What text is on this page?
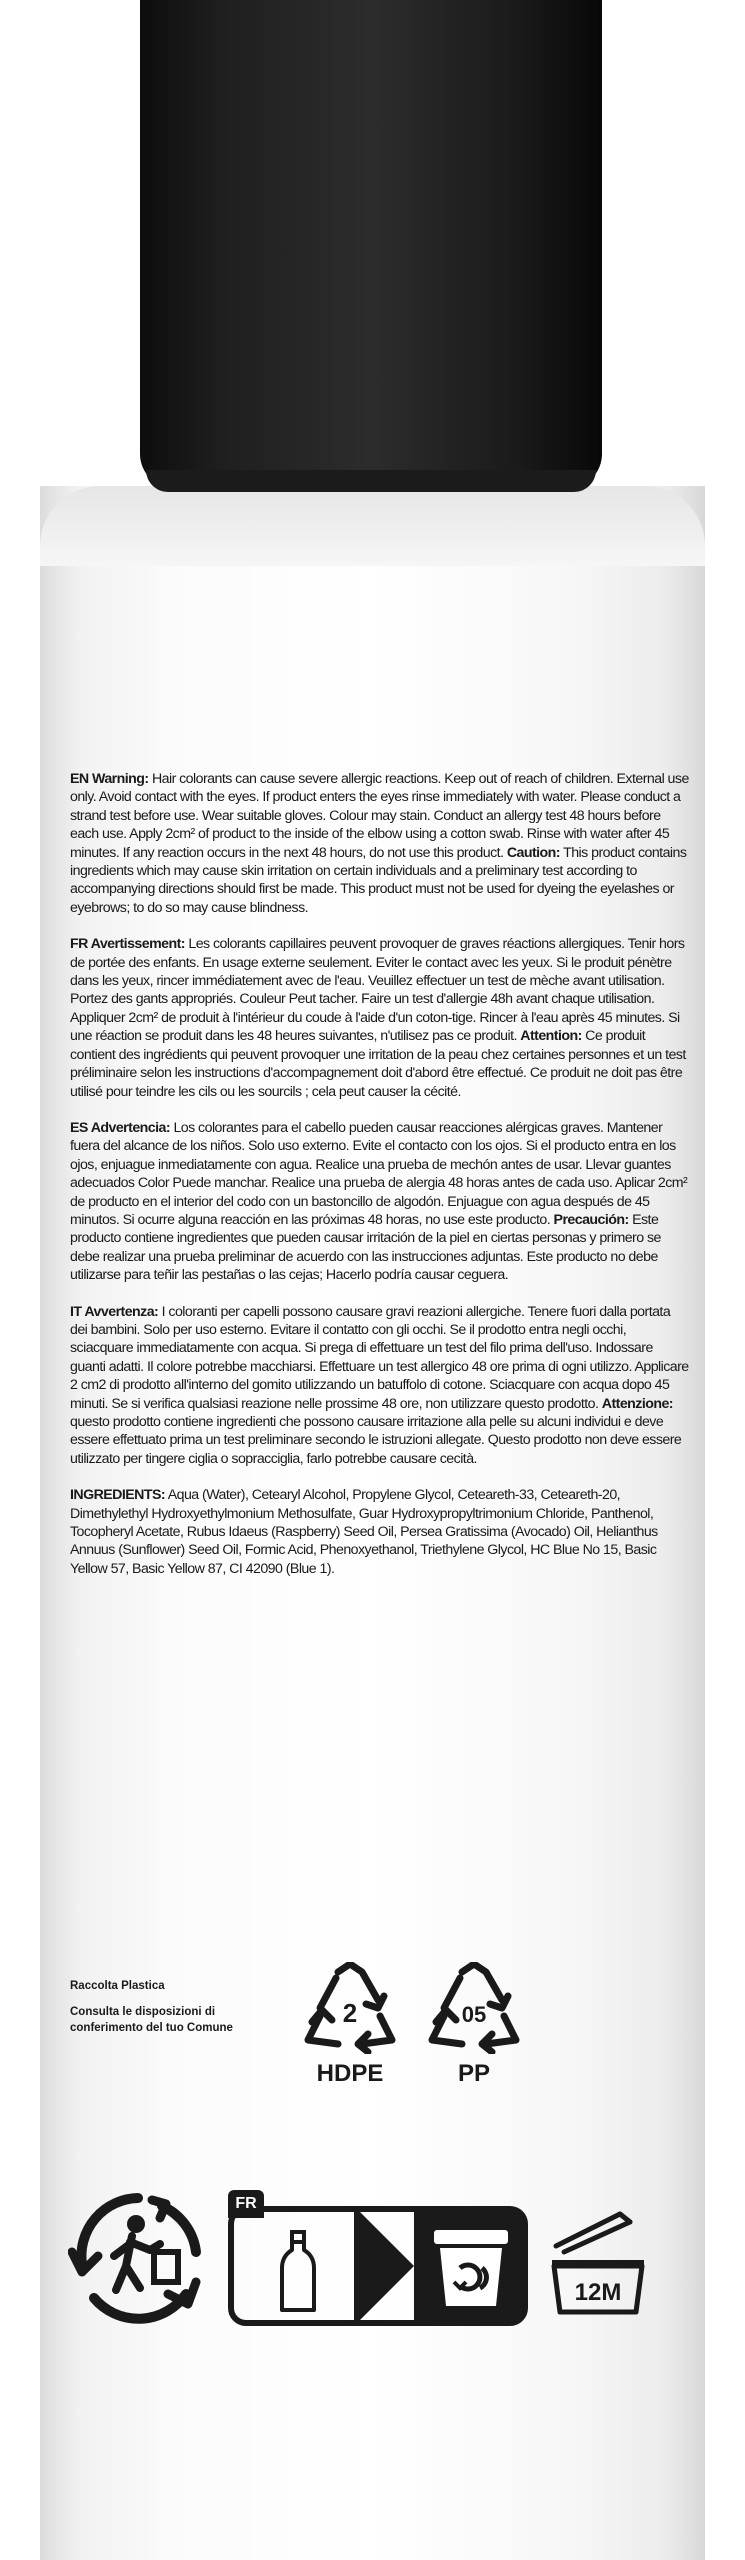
EN Warning: Hair colorants can cause severe allergic reactions. Keep out of reach of children. External use only. Avoid contact with the eyes. If product enters the eyes rinse immediately with water. Please conduct a strand test before use. Wear suitable gloves. Colour may stain. Conduct an allergy test 48 hours before each use. Apply 2cm² of product to the inside of the elbow using a cotton swab. Rinse with water after 45 minutes. If any reaction occurs in the next 48 hours, do not use this product. Caution: This product contains ingredients which may cause skin irritation on certain individuals and a preliminary test according to accompanying directions should first be made. This product must not be used for dyeing the eyelashes or eyebrows; to do so may cause blindness.

FR Avertissement: Les colorants capillaires peuvent provoquer de graves réactions allergiques. Tenir hors de portée des enfants. En usage externe seulement. Eviter le contact avec les yeux. Si le produit pénètre dans les yeux, rincer immédiatement avec de l'eau. Veuillez effectuer un test de mèche avant utilisation. Portez des gants appropriés. Couleur Peut tacher. Faire un test d'allergie 48h avant chaque utilisation. Appliquer 2cm² de produit à l'intérieur du coude à l'aide d'un coton-tige. Rincer à l'eau après 45 minutes. Si une réaction se produit dans les 48 heures suivantes, n'utilisez pas ce produit. Attention: Ce produit contient des ingrédients qui peuvent provoquer une irritation de la peau chez certaines personnes et un test préliminaire selon les instructions d'accompagnement doit d'abord être effectué. Ce produit ne doit pas être utilisé pour teindre les cils ou les sourcils ; cela peut causer la cécité.

ES Advertencia: Los colorantes para el cabello pueden causar reacciones alérgicas graves. Mantener fuera del alcance de los niños. Solo uso externo. Evite el contacto con los ojos. Si el producto entra en los ojos, enjuague inmediatamente con agua. Realice una prueba de mechón antes de usar. Llevar guantes adecuados Color Puede manchar. Realice una prueba de alergia 48 horas antes de cada uso. Aplicar 2cm² de producto en el interior del codo con un bastoncillo de algodón. Enjuague con agua después de 45 minutos. Si ocurre alguna reacción en las próximas 48 horas, no use este producto. Precaución: Este producto contiene ingredientes que pueden causar irritación de la piel en ciertas personas y primero se debe realizar una prueba preliminar de acuerdo con las instrucciones adjuntas. Este producto no debe utilizarse para teñir las pestañas o las cejas; Hacerlo podría causar ceguera.

IT Avvertenza: I coloranti per capelli possono causare gravi reazioni allergiche. Tenere fuori dalla portata dei bambini. Solo per uso esterno. Evitare il contatto con gli occhi. Se il prodotto entra negli occhi, sciacquare immediatamente con acqua. Si prega di effettuare un test del filo prima dell'uso. Indossare guanti adatti. Il colore potrebbe macchiarsi. Effettuare un test allergico 48 ore prima di ogni utilizzo. Applicare 2 cm2 di prodotto all'interno del gomito utilizzando un batuffolo di cotone. Sciacquare con acqua dopo 45 minuti. Se si verifica qualsiasi reazione nelle prossime 48 ore, non utilizzare questo prodotto. Attenzione: questo prodotto contiene ingredienti che possono causare irritazione alla pelle su alcuni individui e deve essere effettuato prima un test preliminare secondo le istruzioni allegate. Questo prodotto non deve essere utilizzato per tingere ciglia o sopracciglia, farlo potrebbe causare cecità.

INGREDIENTS: Aqua (Water), Cetearyl Alcohol, Propylene Glycol, Ceteareth-33, Ceteareth-20, Dimethylethyl Hydroxyethylmonium Methosulfate, Guar Hydroxypropyltrimonium Chloride, Panthenol, Tocopheryl Acetate, Rubus Idaeus (Raspberry) Seed Oil, Persea Gratissima (Avocado) Oil, Helianthus Annuus (Sunflower) Seed Oil, Formic Acid, Phenoxyethanol, Triethylene Glycol, HC Blue No 15, Basic Yellow 57, Basic Yellow 87, CI 42090 (Blue 1).

Raccolta Plastica
Consulta le disposizioni di conferimento del tuo Comune	2
HDPE
05
PP
FR
12M
